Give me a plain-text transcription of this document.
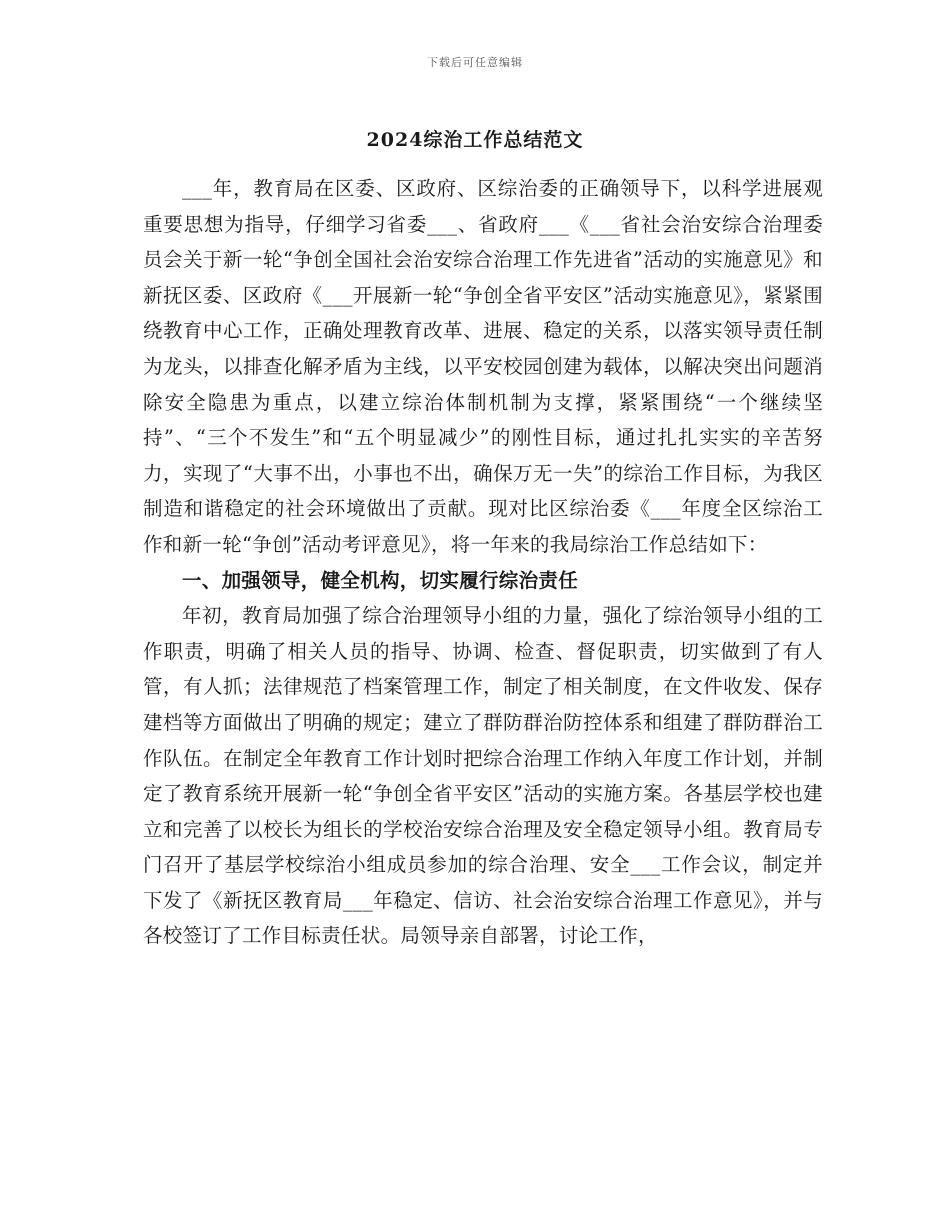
下载后可任意编辑
2024综治工作总结范文

___年，教育局在区委、区政府、区综治委的正确领导下，以科学进展观重要思想为指导，仔细学习省委___、省政府___《___省社会治安综合治理委员会关于新一轮“争创全国社会治安综合治理工作先进省”活动的实施意见》和新抚区委、区政府《___开展新一轮“争创全省平安区”活动实施意见》，紧紧围绕教育中心工作，正确处理教育改革、进展、稳定的关系，以落实领导责任制为龙头，以排查化解矛盾为主线，以平安校园创建为载体，以解决突出问题消除安全隐患为重点，以建立综治体制机制为支撑，紧紧围绕“一个继续坚持”、“三个不发生”和“五个明显减少”的刚性目标，通过扎扎实实的辛苦努力，实现了“大事不出，小事也不出，确保万无一失”的综治工作目标，为我区制造和谐稳定的社会环境做出了贡献。现对比区综治委《___年度全区综治工作和新一轮“争创”活动考评意见》，将一年来的我局综治工作总结如下：

一、加强领导，健全机构，切实履行综治责任

年初，教育局加强了综合治理领导小组的力量，强化了综治领导小组的工作职责，明确了相关人员的指导、协调、检查、督促职责，切实做到了有人管，有人抓；法律规范了档案管理工作，制定了相关制度，在文件收发、保存建档等方面做出了明确的规定；建立了群防群治防控体系和组建了群防群治工作队伍。在制定全年教育工作计划时把综合治理工作纳入年度工作计划，并制定了教育系统开展新一轮“争创全省平安区”活动的实施方案。各基层学校也建立和完善了以校长为组长的学校治安综合治理及安全稳定领导小组。教育局专门召开了基层学校综治小组成员参加的综合治理、安全___工作会议，制定并下发了《新抚区教育局___年稳定、信访、社会治安综合治理工作意见》，并与各校签订了工作目标责任状。局领导亲自部署，讨论工作，
